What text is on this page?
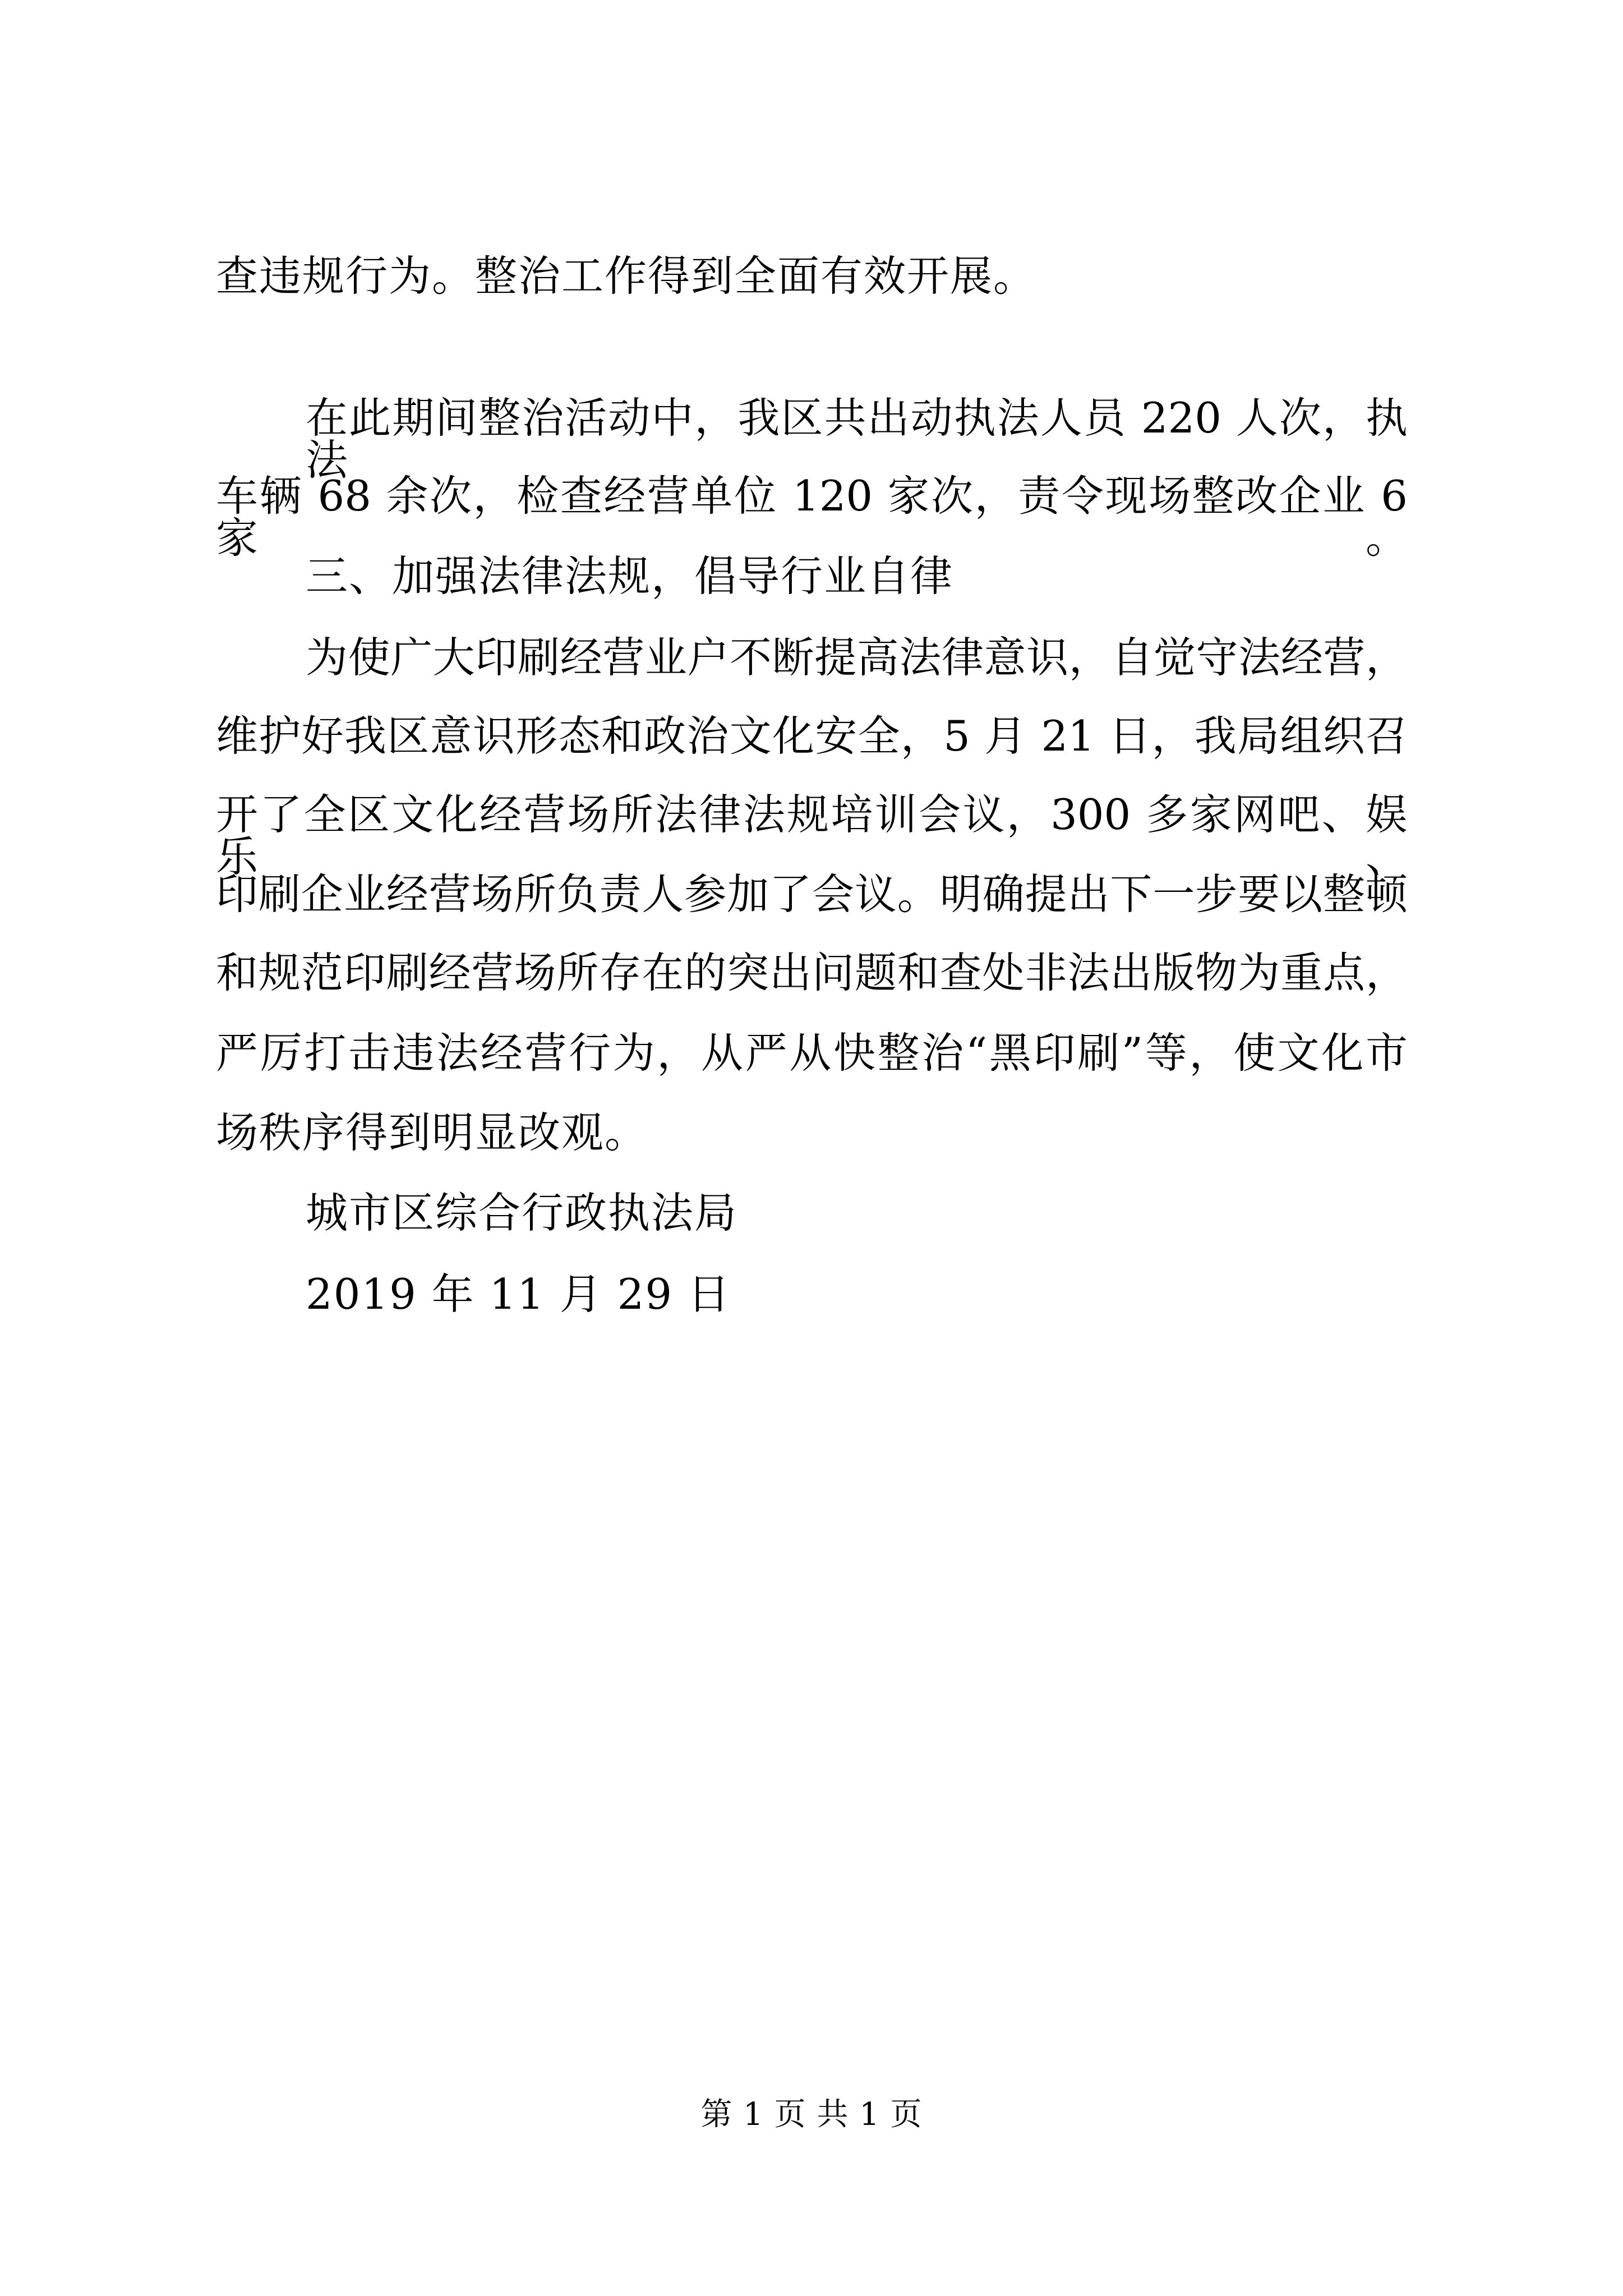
查违规行为。整治工作得到全面有效开展。
在此期间整治活动中，我区共出动执法人员 220 人次，执法
车辆 68 余次，检查经营单位 120 家次，责令现场整改企业 6 家。
三、加强法律法规，倡导行业自律
为使广大印刷经营业户不断提高法律意识，自觉守法经营，
维护好我区意识形态和政治文化安全，5 月 21 日，我局组织召
开了全区文化经营场所法律法规培训会议，300 多家网吧、娱乐、
印刷企业经营场所负责人参加了会议。明确提出下一步要以整顿
和规范印刷经营场所存在的突出问题和查处非法出版物为重点，
严厉打击违法经营行为，从严从快整治“黑印刷”等，使文化市
场秩序得到明显改观。
城市区综合行政执法局
2019 年 11 月 29 日
第 1 页 共 1 页
